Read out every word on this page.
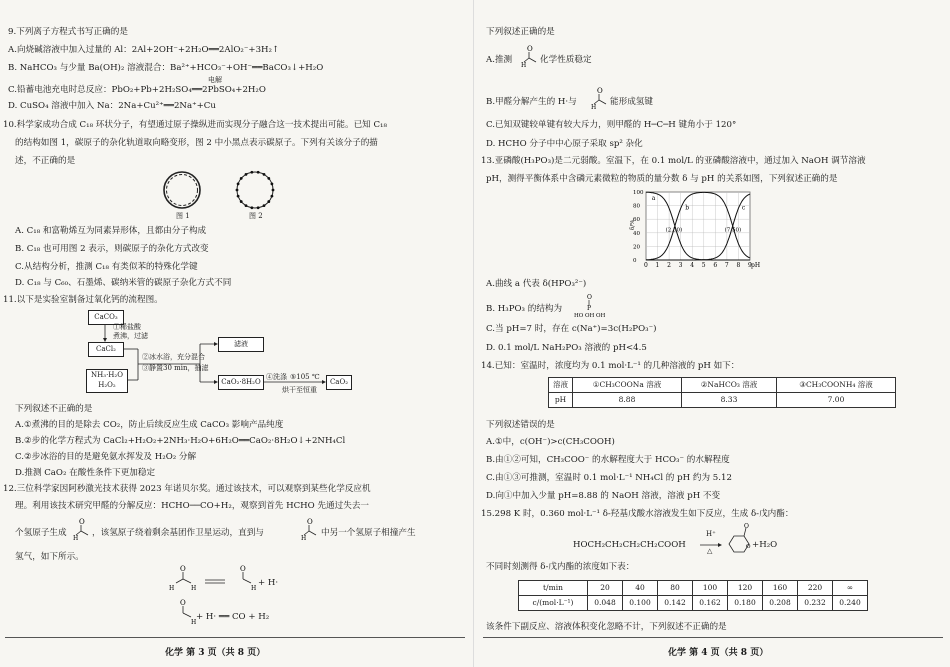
9.下列离子方程式书写正确的是
A.向烧碱溶液中加入过量的 Al：2Al+2OH⁻+2H₂O══2AlO₂⁻+3H₂↑
B. NaHCO₃ 与少量 Ba(OH)₂ 溶液混合：Ba²⁺+HCO₃⁻+OH⁻══BaCO₃↓+H₂O
电解
C.铅蓄电池充电时总反应：PbO₂+Pb+2H₂SO₄══2PbSO₄+2H₂O
D. CuSO₄ 溶液中加入 Na：2Na+Cu²⁺══2Na⁺+Cu
10.科学家成功合成 C₁₈ 环状分子，有望通过原子操纵进而实现分子融合这一技术提出可能。已知 C₁₈
的结构如图 1，碳原子的杂化轨道取向略变形，图 2 中小黑点表示碳原子。下列有关该分子的描
述，不正确的是
图 1	图 2
A. C₁₈ 和富勒烯互为同素异形体，且都由分子构成
B. C₁₈ 也可用图 2 表示，则碳原子的杂化方式改变
C.从结构分析，推测 C₁₈ 有类似苯的特殊化学键
D. C₁₈ 与 C₆₀、石墨烯、碳纳米管的碳原子杂化方式不同
11.以下是实验室制备过氧化钙的流程图。
CaCO₃
①稀盐酸
煮沸，过滤
CaCl₂
②冰水浴，充分混合
③静置30 min，抽滤
滤液
NH₃·H₂O
H₂O₂	CaO₂·8H₂O
④洗涤 ⑤105 ℃
烘干至恒重
CaO₂
下列叙述不正确的是
A.①煮沸的目的是除去 CO₂，防止后续反应生成 CaCO₃ 影响产品纯度
B.②步的化学方程式为 CaCl₂+H₂O₂+2NH₃·H₂O+6H₂O══CaO₂·8H₂O↓+2NH₄Cl
C.②步冰浴的目的是避免氨水挥发及 H₂O₂ 分解
D.推测 CaO₂ 在酸性条件下更加稳定
12.三位科学家因阿秒激光技术获得 2023 年诺贝尔奖。通过该技术，可以观察到某些化学反应机
理。利用该技术研究甲醛的分解反应：HCHO──CO+H₂，观察到首先 HCHO 先通过失去一
个氢原子生成
O
H
，该氢原子绕着剩余基团作卫星运动，直到与
O
H
中另一个氢原子相撞产生
氢气，如下所示。
O
H	H
O
H
O
H
+ H·
+ H· ══ CO + H₂
化学 第 3 页（共 8 页）
下列叙述正确的是
A.推测
O
H
化学性质稳定
B.甲醛分解产生的 H·与
O
H
能形成氢键
C.已知双键较单键有较大斥力，则甲醛的 H─C─H 键角小于 120°
D. HCHO 分子中中心原子采取 sp² 杂化
13.亚磷酸(H₃PO₃)是二元弱酸。室温下，在 0.1 mol/L 的亚磷酸溶液中，通过加入 NaOH 调节溶液
pH，测得平衡体系中含磷元素微粒的物质的量分数 δ 与 pH 的关系如图，下列叙述正确的是
0 1 2 3 4 5 6 7 8 9
0
20
40
60
80
100
pH
δ/%
a
b	c
(2.50)	(7.50)
A.曲线 a 代表 δ(HPO₃²⁻)
B. H₃PO₃ 的结构为
O
P
HO OH OH
C.当 pH=7 时，存在 c(Na⁺)=3c(H₂PO₃⁻)
D. 0.1 mol/L NaH₂PO₃ 溶液的 pH<4.5
14.已知：室温时，浓度均为 0.1 mol·L⁻¹ 的几种溶液的 pH 如下：
溶液	①CH₃COONa 溶液	②NaHCO₃ 溶液	③CH₃COONH₄ 溶液
pH	8.88	8.33	7.00
下列叙述错误的是
A.①中，c(OH⁻)>c(CH₃COOH)
B.由①②可知，CH₃COO⁻ 的水解程度大于 HCO₃⁻ 的水解程度
C.由①③可推测，室温时 0.1 mol·L⁻¹ NH₄Cl 的 pH 约为 5.12
D.向①中加入少量 pH=8.88 的 NaOH 溶液，溶液 pH 不变
15.298 K 时，0.360 mol·L⁻¹ δ-羟基戊酸水溶液发生如下反应，生成 δ-戊内酯：
HOCH₂CH₂CH₂CH₂COOH
H⁺
△
O
O +H₂O
不同时刻测得 δ-戊内酯的浓度如下表：
t/min	20	40	80	100	120	160	220	∞
c/(mol·L⁻¹)	0.048	0.100	0.142	0.162	0.180	0.208	0.232	0.240
该条件下副反应、溶液体积变化忽略不计，下列叙述不正确的是
化学 第 4 页（共 8 页）
